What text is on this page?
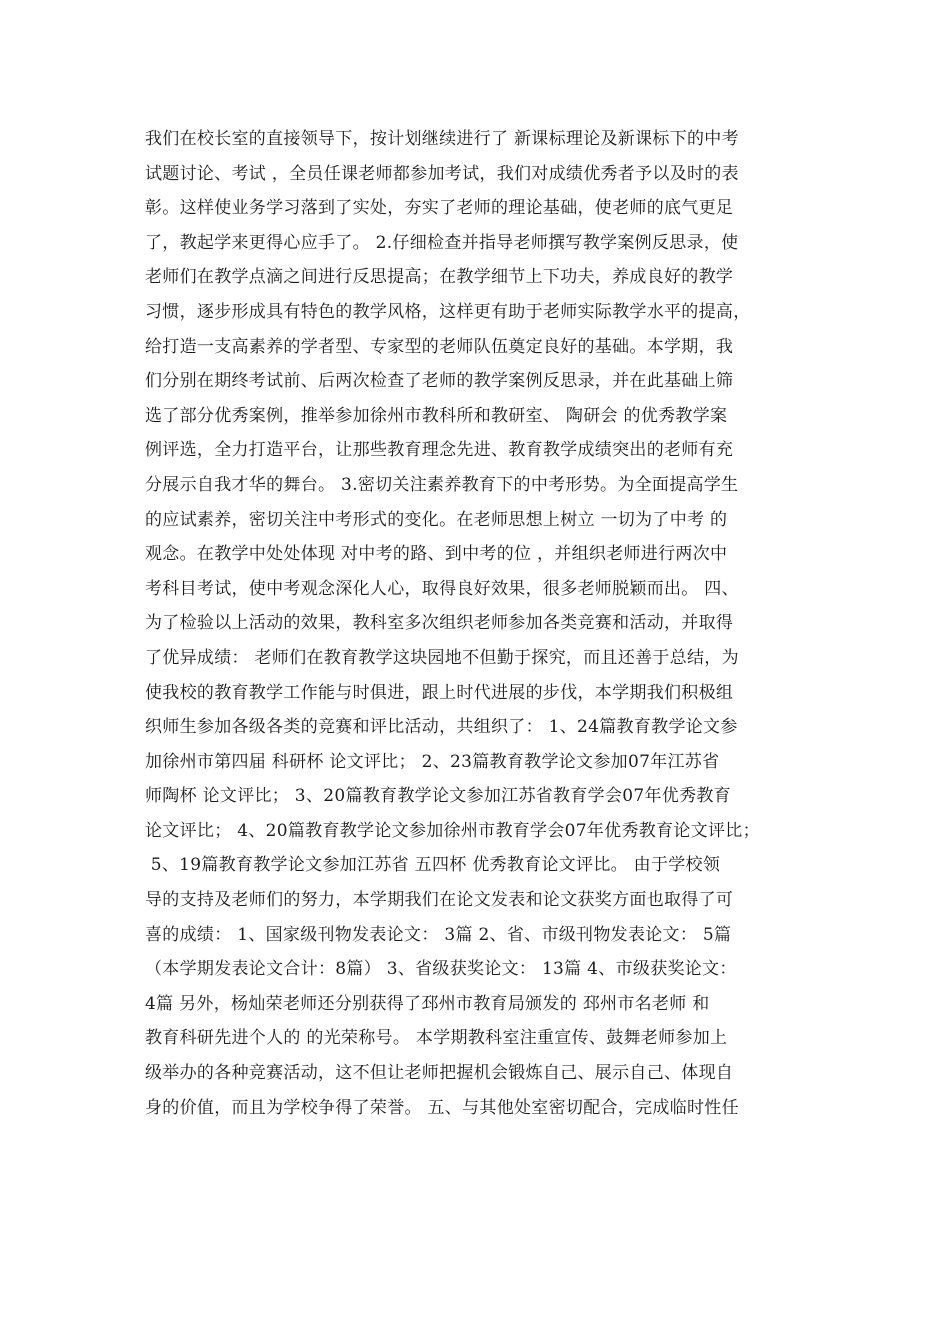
我们在校长室的直接领导下，按计划继续进行了 新课标理论及新课标下的中考
试题讨论、考试 ，全员任课老师都参加考试，我们对成绩优秀者予以及时的表
彰。这样使业务学习落到了实处，夯实了老师的理论基础，使老师的底气更足
了，教起学来更得心应手了。 2.仔细检查并指导老师撰写教学案例反思录，使
老师们在教学点滴之间进行反思提高；在教学细节上下功夫，养成良好的教学
习惯，逐步形成具有特色的教学风格，这样更有助于老师实际教学水平的提高，
给打造一支高素养的学者型、专家型的老师队伍奠定良好的基础。本学期，我
们分别在期终考试前、后两次检查了老师的教学案例反思录，并在此基础上筛
选了部分优秀案例，推举参加徐州市教科所和教研室、 陶研会 的优秀教学案
例评选，全力打造平台，让那些教育理念先进、教育教学成绩突出的老师有充
分展示自我才华的舞台。 3.密切关注素养教育下的中考形势。为全面提高学生
的应试素养，密切关注中考形式的变化。在老师思想上树立 一切为了中考 的
观念。在教学中处处体现 对中考的路、到中考的位 ，并组织老师进行两次中
考科目考试，使中考观念深化人心，取得良好效果，很多老师脱颖而出。 四、
为了检验以上活动的效果，教科室多次组织老师参加各类竞赛和活动，并取得
了优异成绩： 老师们在教育教学这块园地不但勤于探究，而且还善于总结，为
使我校的教育教学工作能与时俱进，跟上时代进展的步伐，本学期我们积极组
织师生参加各级各类的竞赛和评比活动，共组织了： 1、24篇教育教学论文参
加徐州市第四届 科研杯 论文评比； 2、23篇教育教学论文参加07年江苏省
师陶杯 论文评比； 3、20篇教育教学论文参加江苏省教育学会07年优秀教育
论文评比； 4、20篇教育教学论文参加徐州市教育学会07年优秀教育论文评比；
5、19篇教育教学论文参加江苏省 五四杯 优秀教育论文评比。 由于学校领
导的支持及老师们的努力，本学期我们在论文发表和论文获奖方面也取得了可
喜的成绩： 1、国家级刊物发表论文： 3篇 2、省、市级刊物发表论文： 5篇
（本学期发表论文合计：8篇） 3、省级获奖论文： 13篇 4、市级获奖论文：
4篇 另外，杨灿荣老师还分别获得了邳州市教育局颁发的 邳州市名老师 和
教育科研先进个人的 的光荣称号。 本学期教科室注重宣传、鼓舞老师参加上
级举办的各种竞赛活动，这不但让老师把握机会锻炼自己、展示自己、体现自
身的价值，而且为学校争得了荣誉。 五、与其他处室密切配合，完成临时性任
